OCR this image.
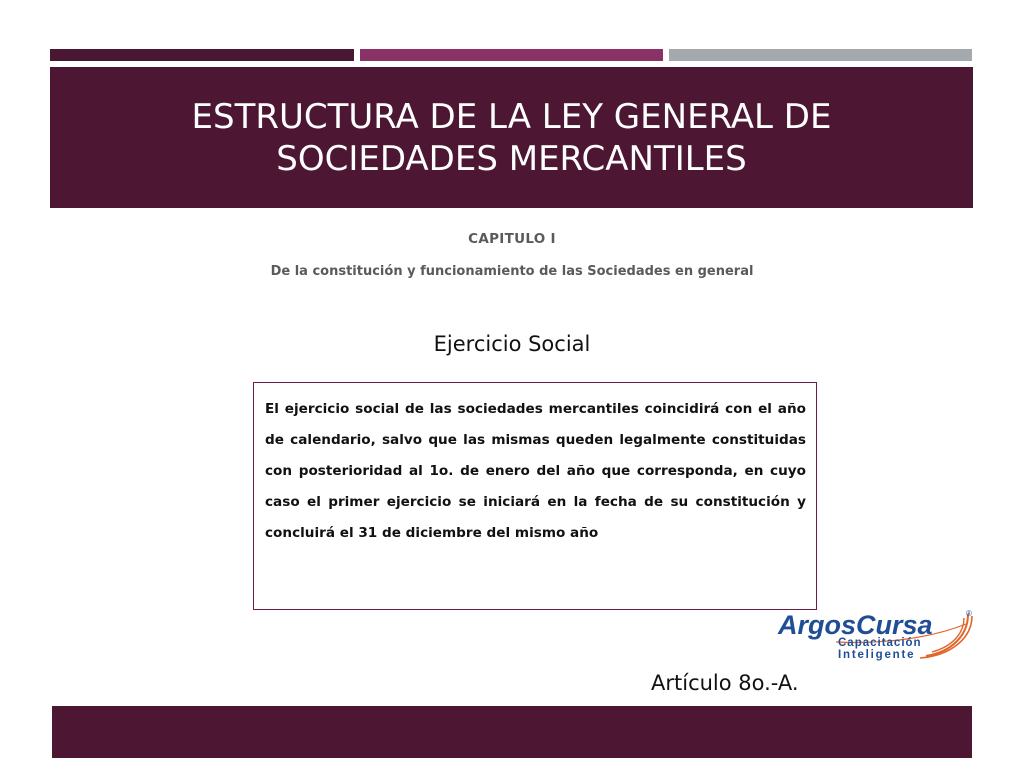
ESTRUCTURA DE LA LEY GENERAL DE SOCIEDADES MERCANTILES
CAPITULO I
De la constitución y funcionamiento de las Sociedades en general
Ejercicio Social

El ejercicio social de las sociedades mercantiles coincidirá con el año de calendario, salvo que las mismas queden legalmente constituidas con posterioridad al 1o. de enero del año que corresponda, en cuyo caso el primer ejercicio se iniciará en la fecha de su constitución y concluirá el 31 de diciembre del mismo año

ArgosCursa	®
Capacitación
Inteligente
Artículo 8o.-A.
